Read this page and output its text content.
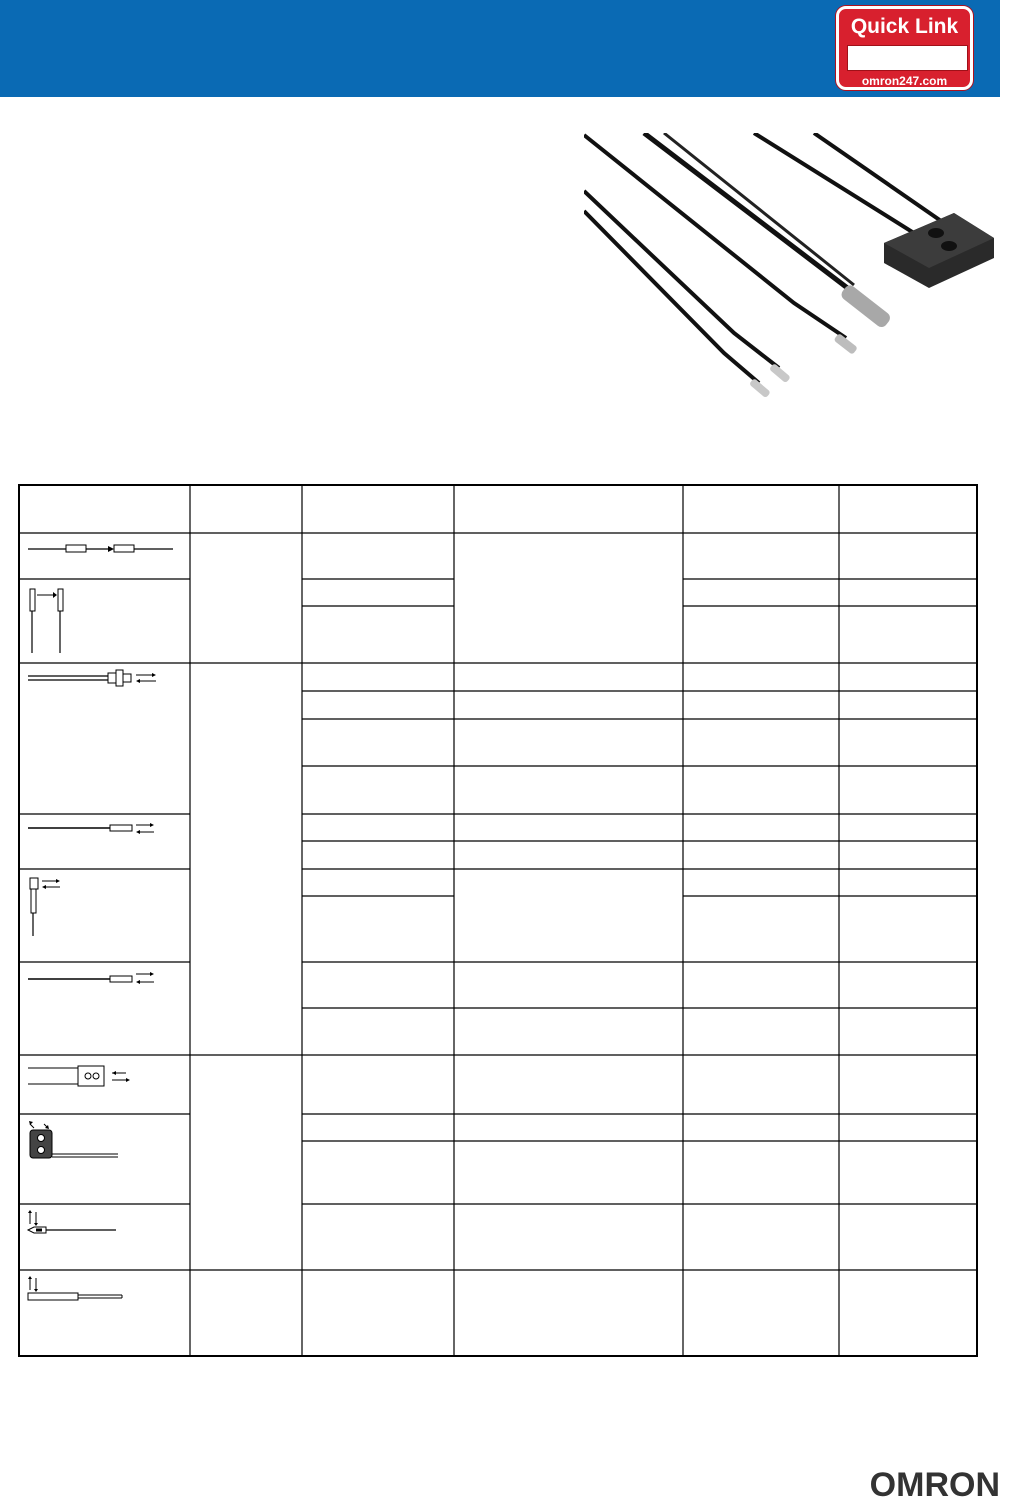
Quick Link
omron247.com
OMRON
